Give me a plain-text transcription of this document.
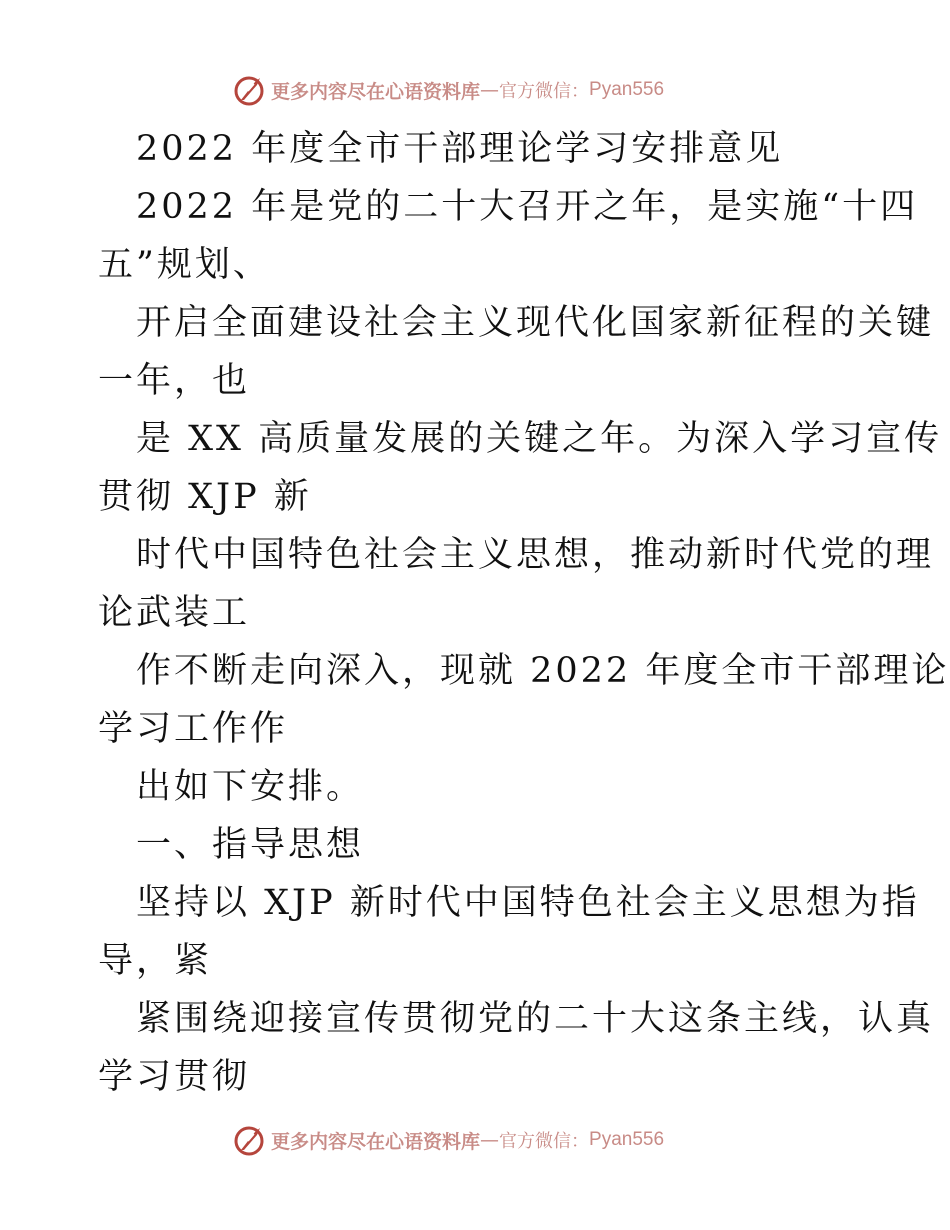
更多内容尽在心语资料库 — 官方微信： Pyan556
2022 年度全市干部理论学习安排意见
2022 年是党的二十大召开之年，是实施“十四
五”规划、
开启全面建设社会主义现代化国家新征程的关键
一年，也
是 XX 高质量发展的关键之年。为深入学习宣传
贯彻 XJP 新
时代中国特色社会主义思想，推动新时代党的理
论武装工
作不断走向深入，现就 2022 年度全市干部理论
学习工作作
出如下安排。
一、指导思想
坚持以 XJP 新时代中国特色社会主义思想为指
导，紧
紧围绕迎接宣传贯彻党的二十大这条主线，认真
学习贯彻
更多内容尽在心语资料库 — 官方微信： Pyan556
